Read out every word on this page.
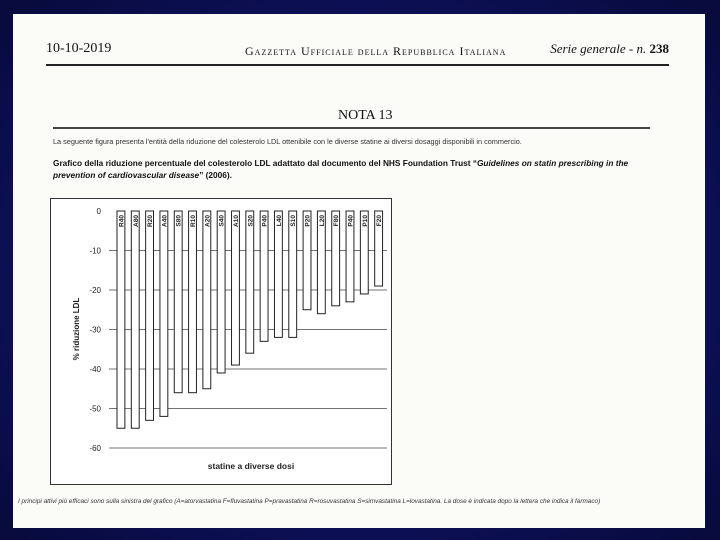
10-10-2019	Gazzetta Ufficiale della Repubblica Italiana	Serie generale - n. 238
NOTA 13
La seguente figura presenta l'entità della riduzione del colesterolo LDL ottenibile con le diverse statine ai diversi dosaggi disponibili in commercio.
Grafico della riduzione percentuale del colesterolo LDL adattato dal documento del NHS Foundation Trust “Guidelines on statin prescribing in the prevention of cardiovascular disease” (2006).
0
-10
-20
-30
-40
-50
-60
R40 A80 R20 A40 S80 R10 A20 S40 A10 S20 P40 L40 S10 P20 L20 F80 P40 P10 F20
% riduzione LDL
statine a diverse dosi
I principi attivi più efficaci sono sulla sinistra del grafico (A=atorvastatina F=fluvastatina P=pravastatina R=rosuvastatina S=simvastatina L=lovastatina. La dose è indicata dopo la lettera che indica il farmaco)
